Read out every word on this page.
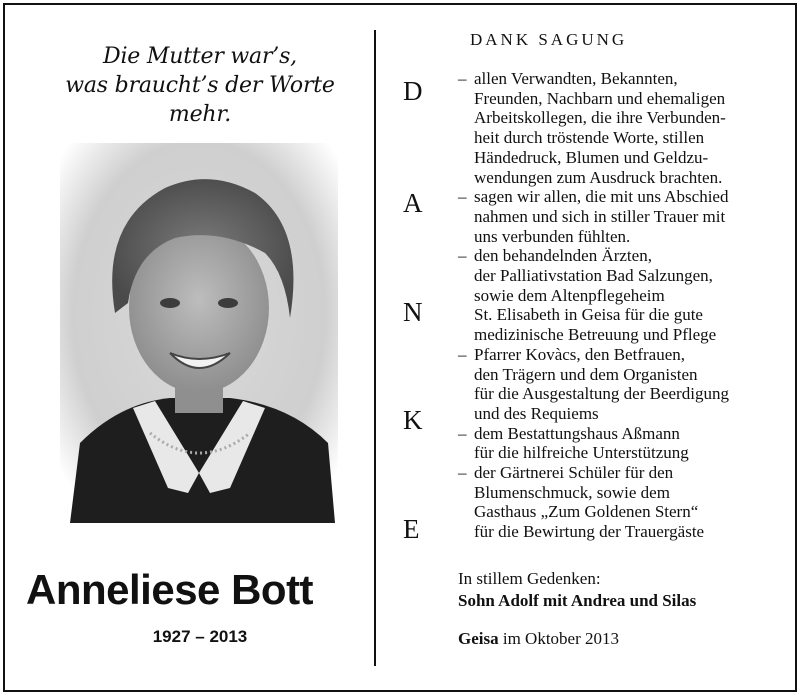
Die Mutter war’s,
was braucht’s der Worte mehr.
Anneliese Bott
1927 – 2013
DANK SAGUNG
D
A
N
K
E
– allen Verwandten, Bekannten,
Freunden, Nachbarn und ehemaligen
Arbeitskollegen, die ihre Verbunden-
heit durch tröstende Worte, stillen
Händedruck, Blumen und Geldzu-
wendungen zum Ausdruck brachten.
– sagen wir allen, die mit uns Abschied
nahmen und sich in stiller Trauer mit
uns verbunden fühlten.
– den behandelnden Ärzten,
der Palliativstation Bad Salzungen,
sowie dem Altenpflegeheim
St. Elisabeth in Geisa für die gute
medizinische Betreuung und Pflege
– Pfarrer Kovàcs, den Betfrauen,
den Trägern und dem Organisten
für die Ausgestaltung der Beerdigung
und des Requiems
– dem Bestattungshaus Aßmann
für die hilfreiche Unterstützung
– der Gärtnerei Schüler für den
Blumenschmuck, sowie dem
Gasthaus „Zum Goldenen Stern“
für die Bewirtung der Trauergäste
In stillem Gedenken:
Sohn Adolf mit Andrea und Silas
Geisa im Oktober 2013
